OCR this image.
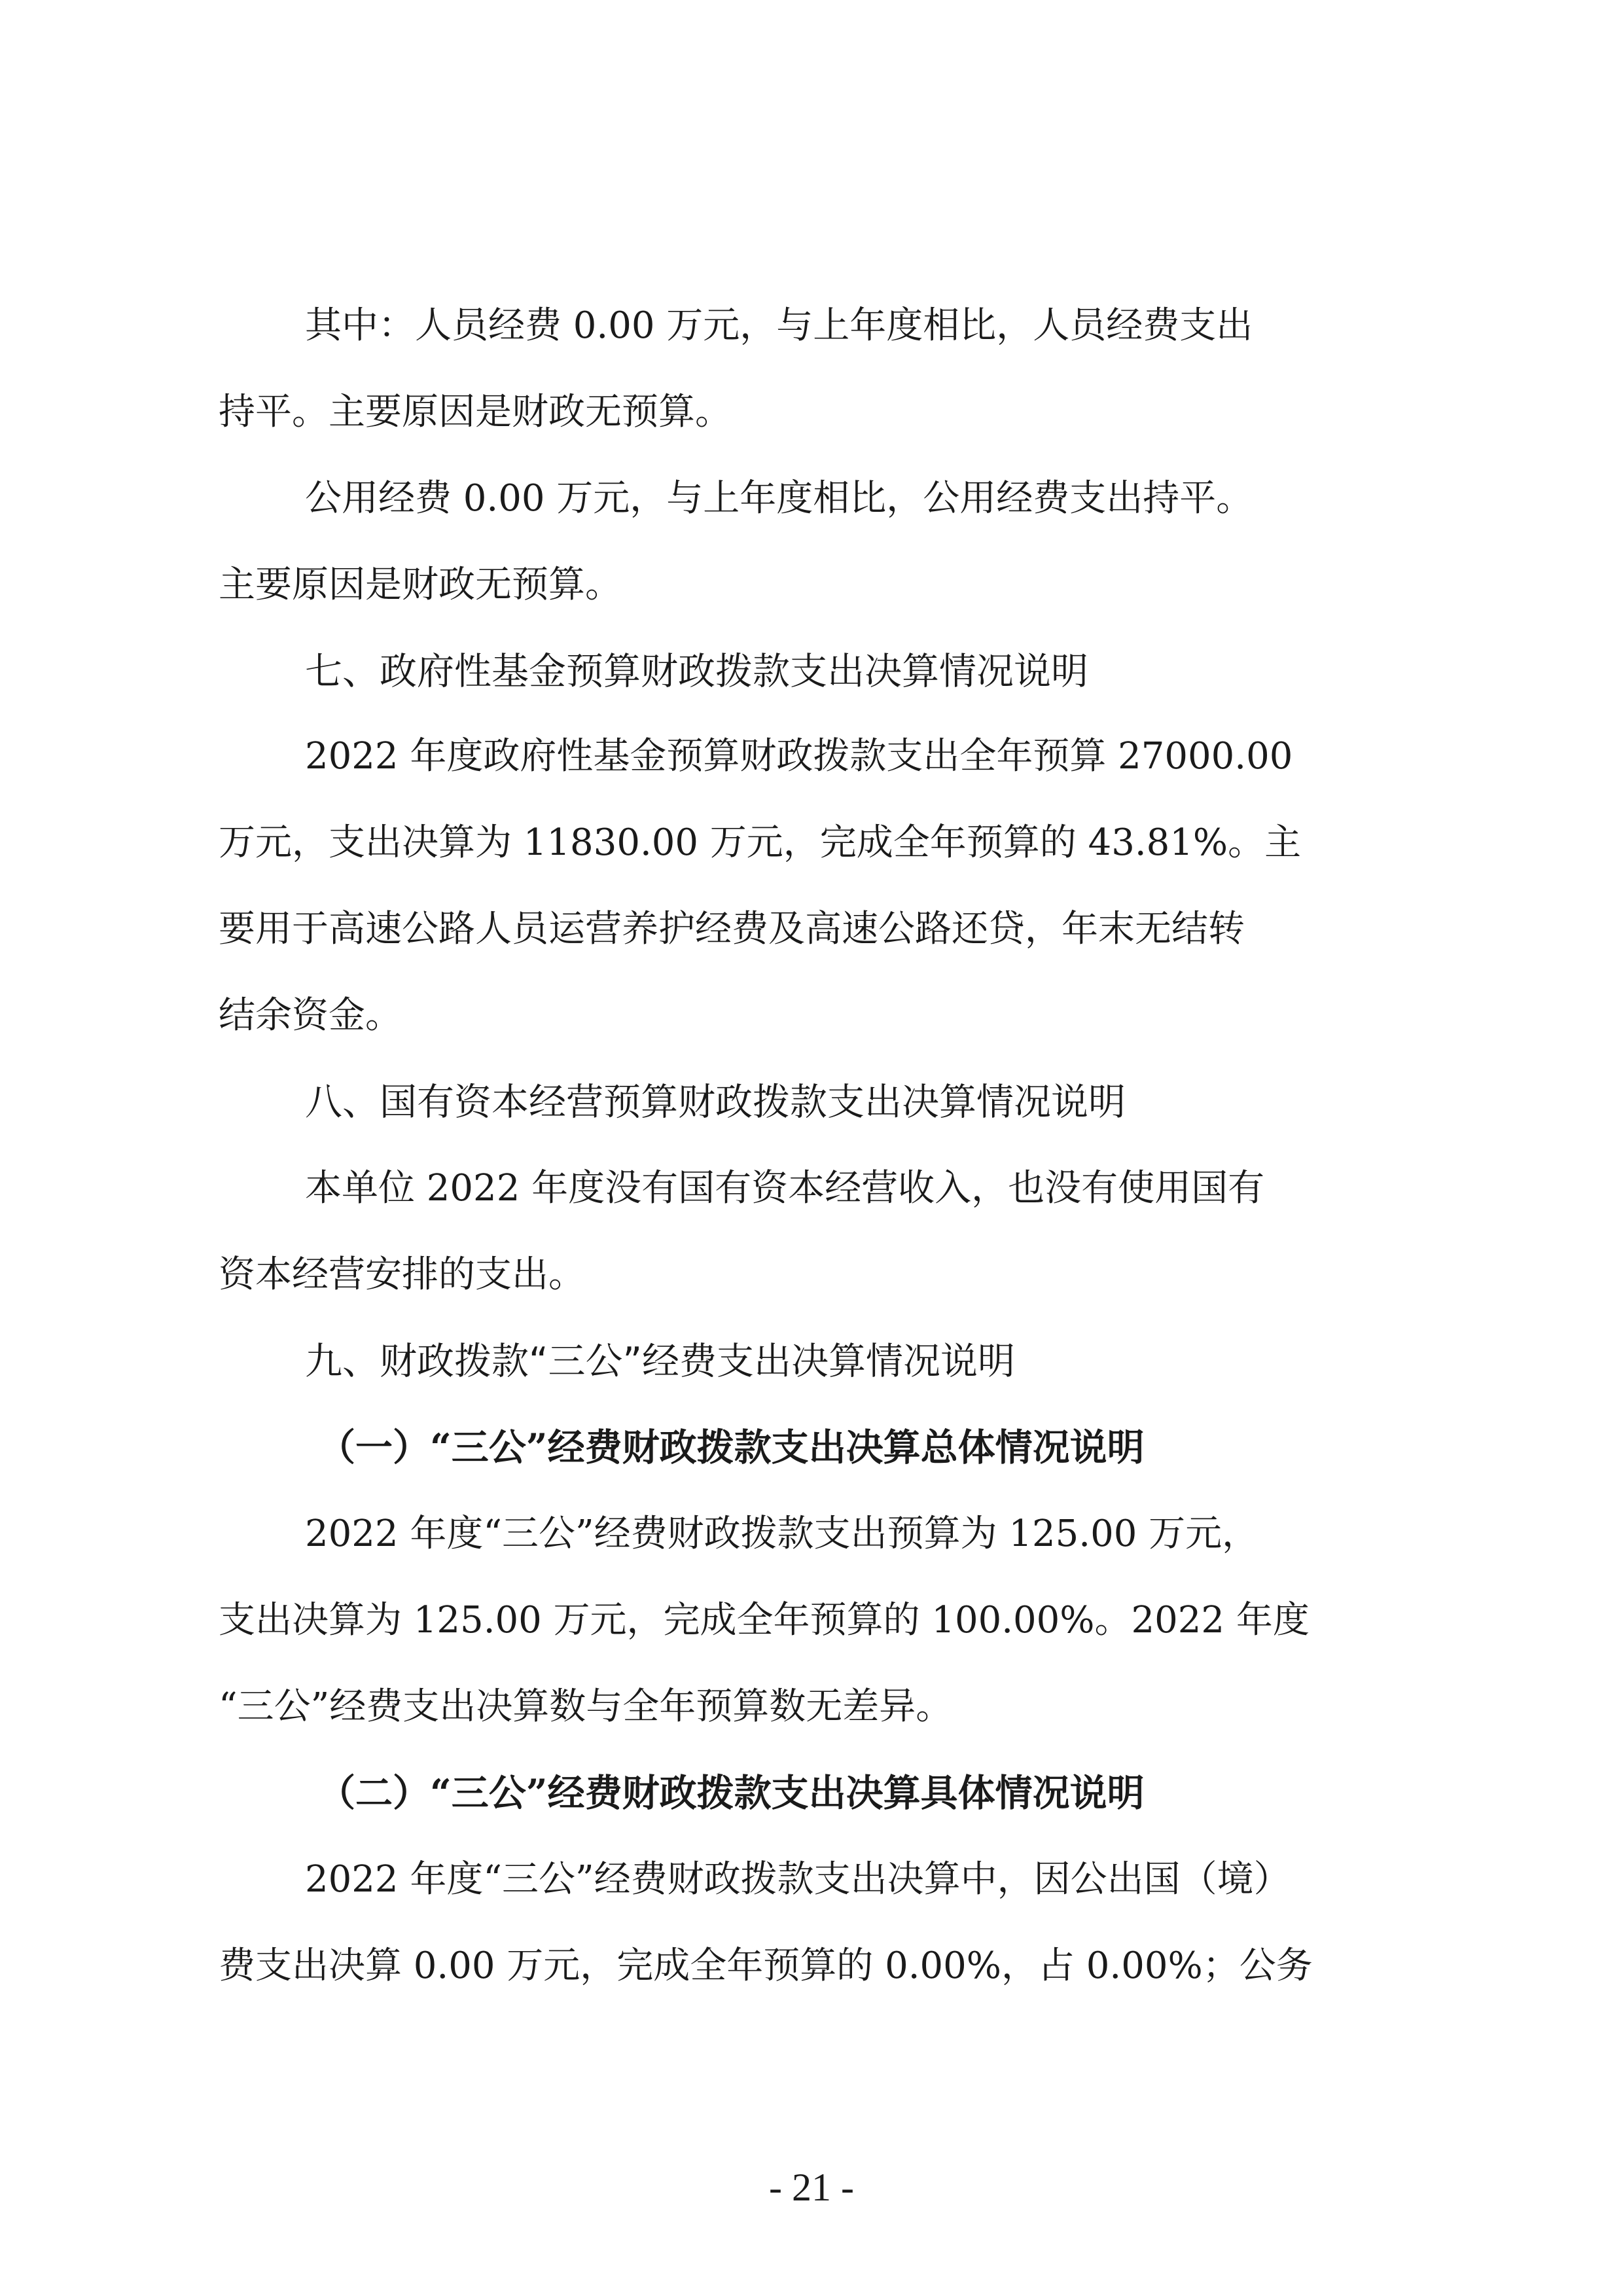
其中：人员经费 0.00 万元，与上年度相比，人员经费支出
持平。主要原因是财政无预算。
公用经费 0.00 万元，与上年度相比，公用经费支出持平。
主要原因是财政无预算。
七、政府性基金预算财政拨款支出决算情况说明
2022 年度政府性基金预算财政拨款支出全年预算 27000.00
万元，支出决算为 11830.00 万元，完成全年预算的 43.81%。主
要用于高速公路人员运营养护经费及高速公路还贷，年末无结转
结余资金。
八、国有资本经营预算财政拨款支出决算情况说明
本单位 2022 年度没有国有资本经营收入，也没有使用国有
资本经营安排的支出。
九、财政拨款“三公”经费支出决算情况说明
（一）“三公”经费财政拨款支出决算总体情况说明
2022 年度“三公”经费财政拨款支出预算为 125.00 万元，
支出决算为 125.00 万元，完成全年预算的 100.00%。2022 年度
“三公”经费支出决算数与全年预算数无差异。
（二）“三公”经费财政拨款支出决算具体情况说明
2022 年度“三公”经费财政拨款支出决算中，因公出国（境）
费支出决算 0.00 万元，完成全年预算的 0.00%，占 0.00%；公务
- 21 -
